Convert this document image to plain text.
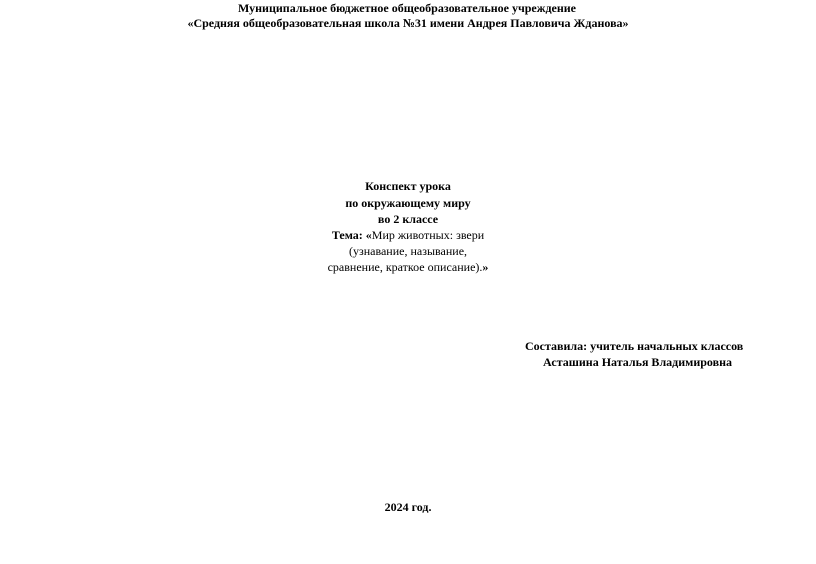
Муниципальное бюджетное общеобразовательное учреждение
«Средняя общеобразовательная школа №31 имени Андрея Павловича Жданова»
Конспект урока
по окружающему миру
во 2 классе
Тема: «Мир животных: звери
(узнавание, называние,
сравнение, краткое описание).»
Составила: учитель начальных классов
Асташина Наталья Владимировна
2024 год.
